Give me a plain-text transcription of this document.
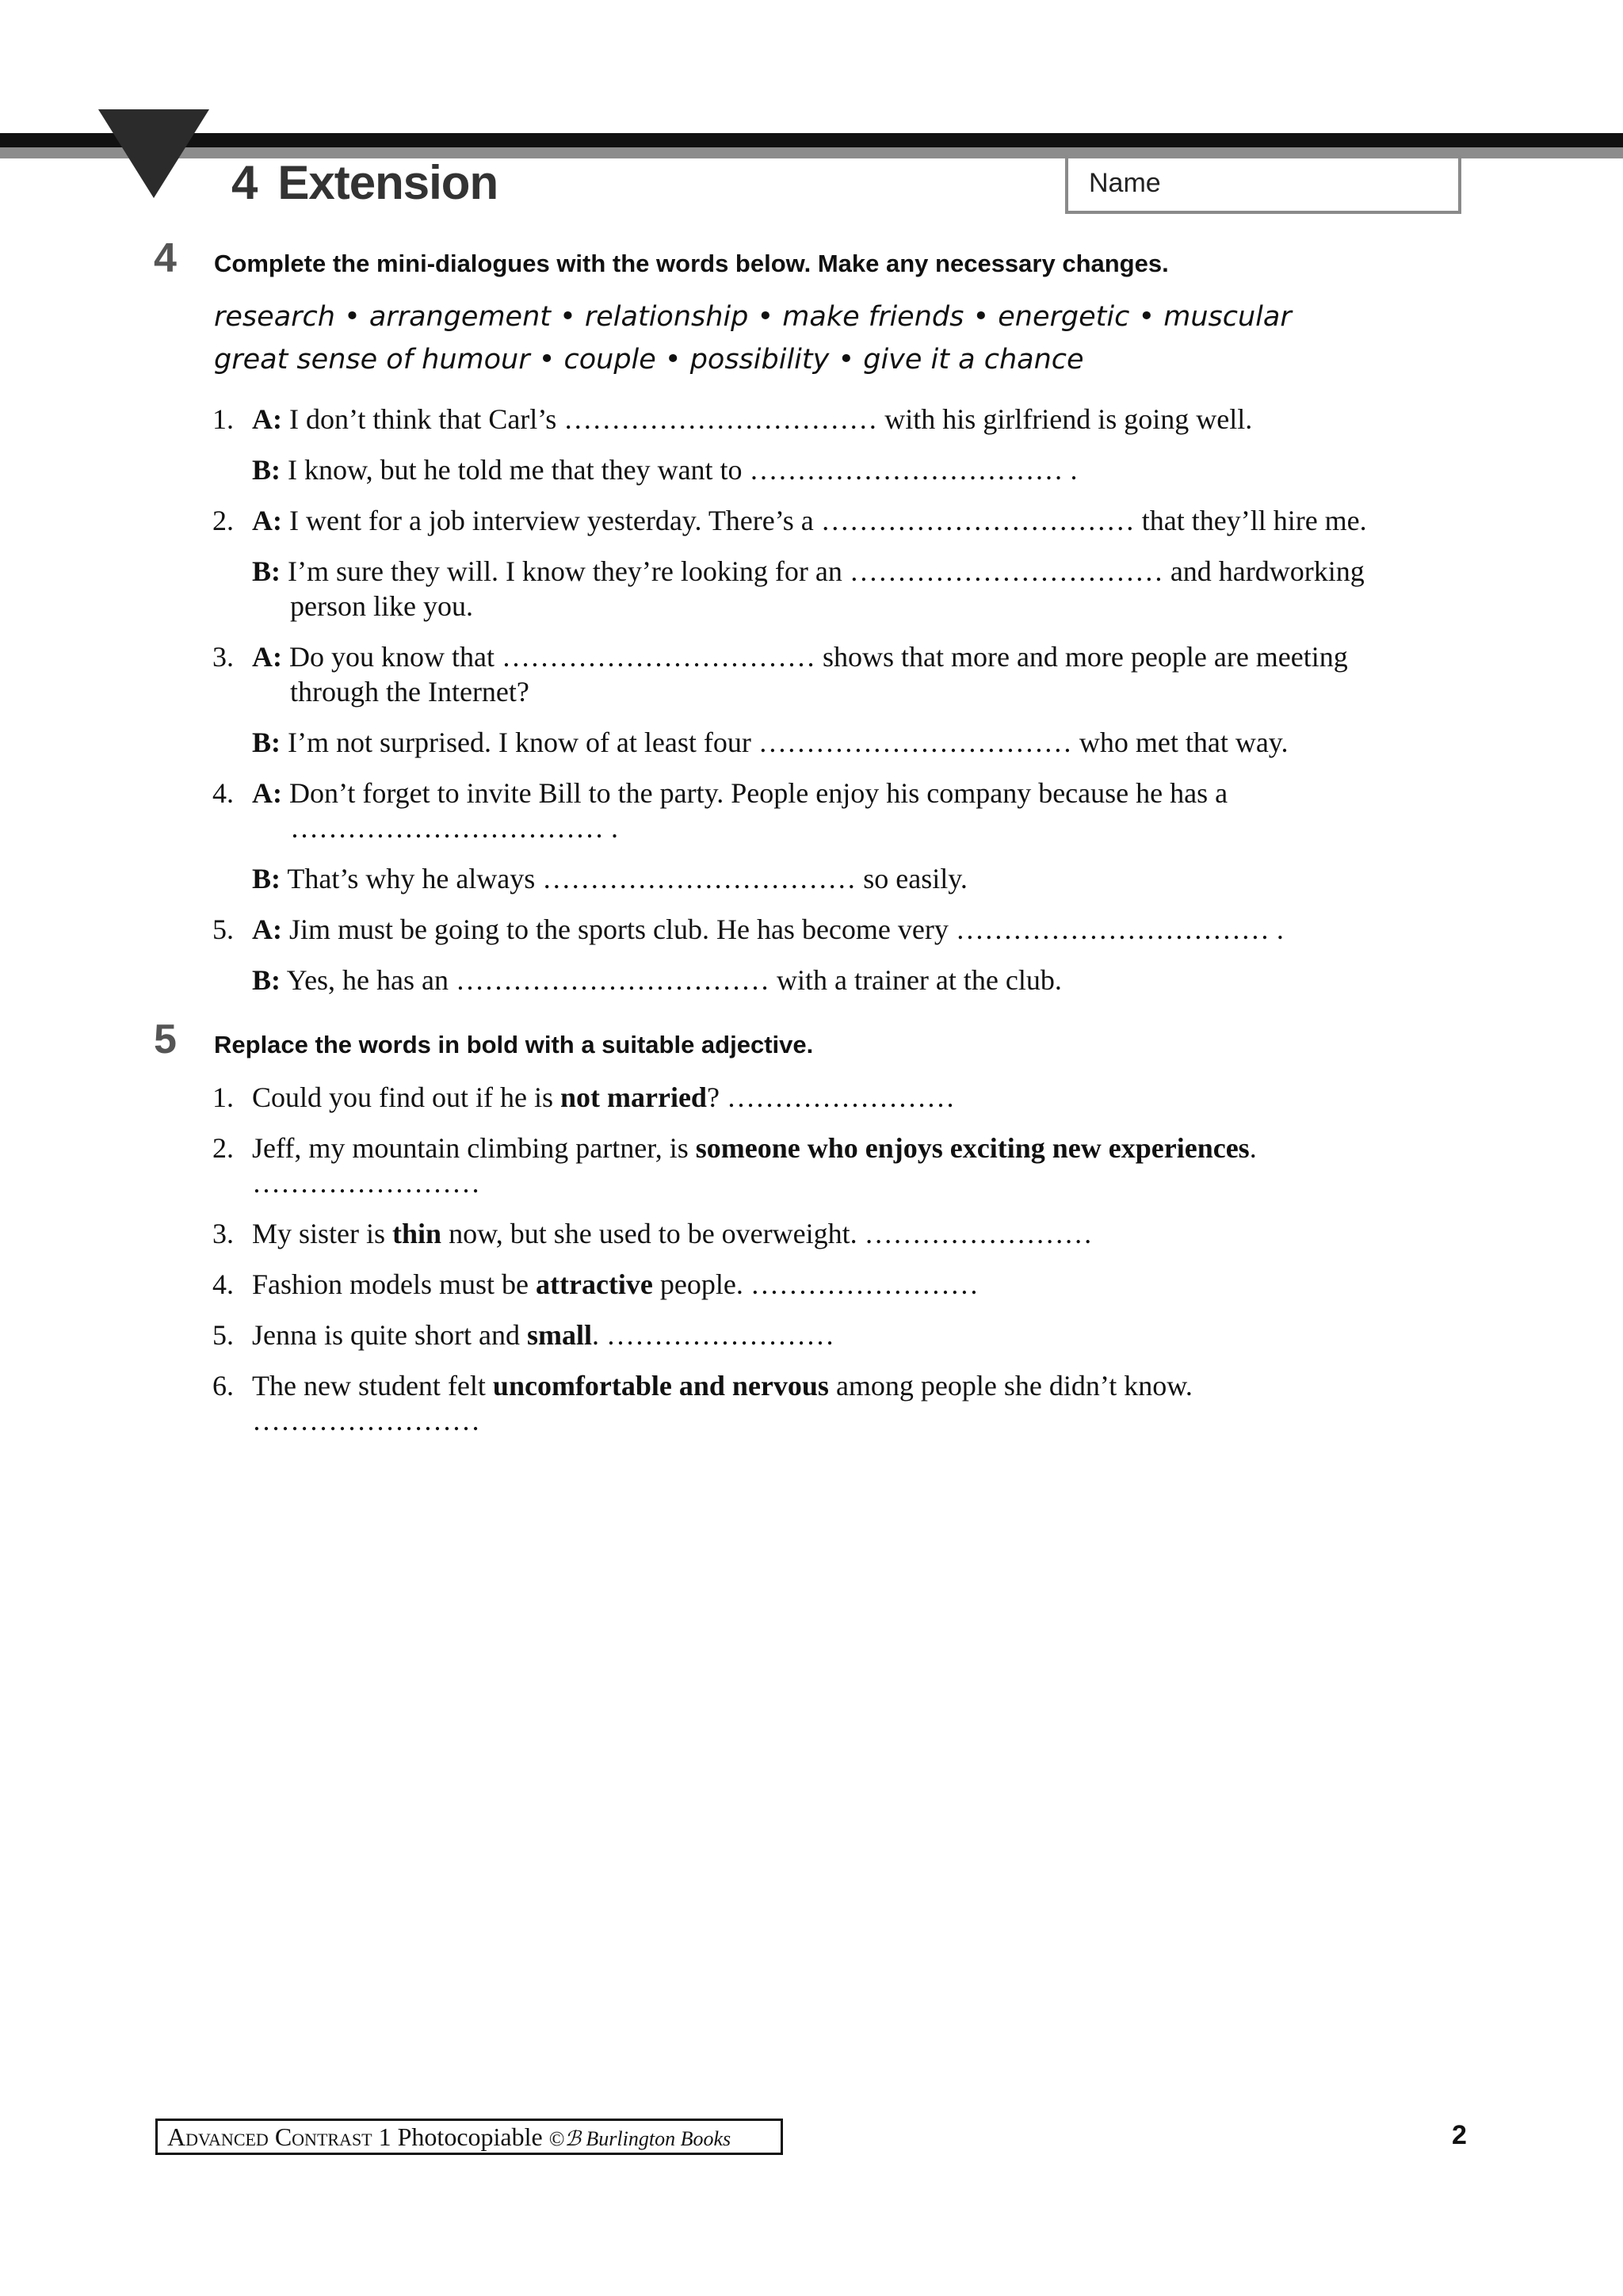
4 Extension	Name
4 Complete the mini-dialogues with the words below. Make any necessary changes.
research • arrangement • relationship • make friends • energetic • muscular
great sense of humour • couple • possibility • give it a chance
1. A: I don’t think that Carl’s …………………………… with his girlfriend is going well.
B: I know, but he told me that they want to …………………………… .
2. A: I went for a job interview yesterday. There’s a …………………………… that they’ll hire me.
B: I’m sure they will. I know they’re looking for an …………………………… and hardworking
person like you.
3. A: Do you know that …………………………… shows that more and more people are meeting
through the Internet?
B: I’m not surprised. I know of at least four …………………………… who met that way.
4. A: Don’t forget to invite Bill to the party. People enjoy his company because he has a
…………………………… .
B: That’s why he always …………………………… so easily.
5. A: Jim must be going to the sports club. He has become very …………………………… .
B: Yes, he has an …………………………… with a trainer at the club.
5 Replace the words in bold with a suitable adjective.
1. Could you find out if he is not married? ……………………
2. Jeff, my mountain climbing partner, is someone who enjoys exciting new experiences.
……………………
3. My sister is thin now, but she used to be overweight. ……………………
4. Fashion models must be attractive people. ……………………
5. Jenna is quite short and small. ……………………
6. The new student felt uncomfortable and nervous among people she didn’t know.
……………………
Advanced Contrast 1 Photocopiable ©ℬ Burlington Books	2
